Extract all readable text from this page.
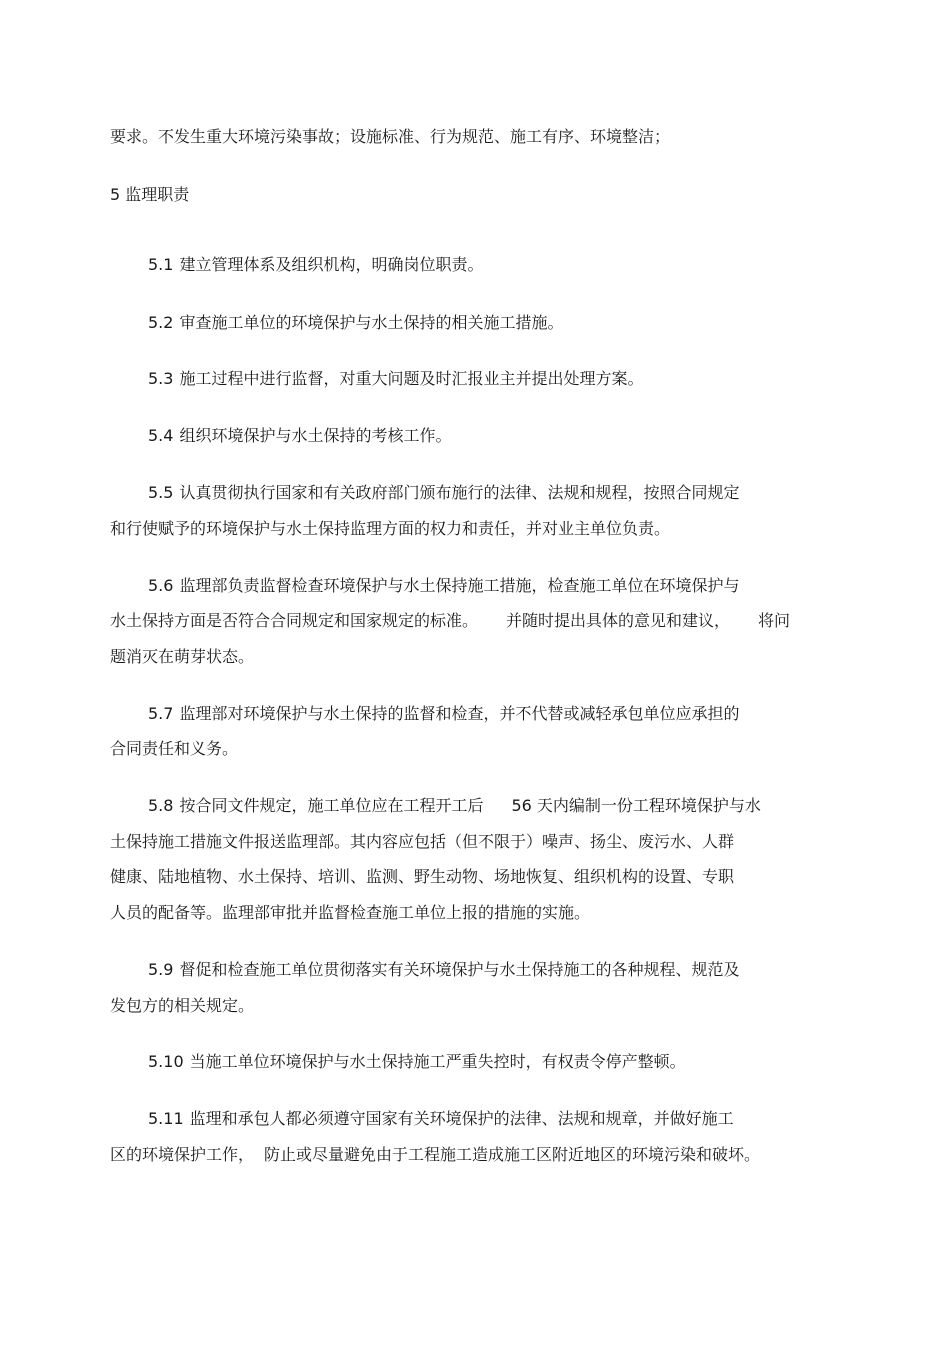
要求。不发生重大环境污染事故；设施标准、行为规范、施工有序、环境整洁；
5 监理职责
5.1 建立管理体系及组织机构，明确岗位职责。
5.2 审查施工单位的环境保护与水土保持的相关施工措施。
5.3 施工过程中进行监督，对重大问题及时汇报业主并提出处理方案。
5.4 组织环境保护与水土保持的考核工作。
5.5 认真贯彻执行国家和有关政府部门颁布施行的法律、法规和规程，按照合同规定
和行使赋予的环境保护与水土保持监理方面的权力和责任，并对业主单位负责。
5.6 监理部负责监督检查环境保护与水土保持施工措施，检查施工单位在环境保护与
水土保持方面是否符合合同规定和国家规定的标准。 并随时提出具体的意见和建议， 将问
题消灭在萌芽状态。
5.7 监理部对环境保护与水土保持的监督和检查，并不代替或减轻承包单位应承担的
合同责任和义务。
5.8 按合同文件规定，施工单位应在工程开工后 56 天内编制一份工程环境保护与水
土保持施工措施文件报送监理部。其内容应包括（但不限于）噪声、扬尘、废污水、人群
健康、陆地植物、水土保持、培训、监测、野生动物、场地恢复、组织机构的设置、专职
人员的配备等。监理部审批并监督检查施工单位上报的措施的实施。
5.9 督促和检查施工单位贯彻落实有关环境保护与水土保持施工的各种规程、规范及
发包方的相关规定。
5.10 当施工单位环境保护与水土保持施工严重失控时，有权责令停产整顿。
5.11 监理和承包人都必须遵守国家有关环境保护的法律、法规和规章，并做好施工
区的环境保护工作， 防止或尽量避免由于工程施工造成施工区附近地区的环境污染和破坏。
